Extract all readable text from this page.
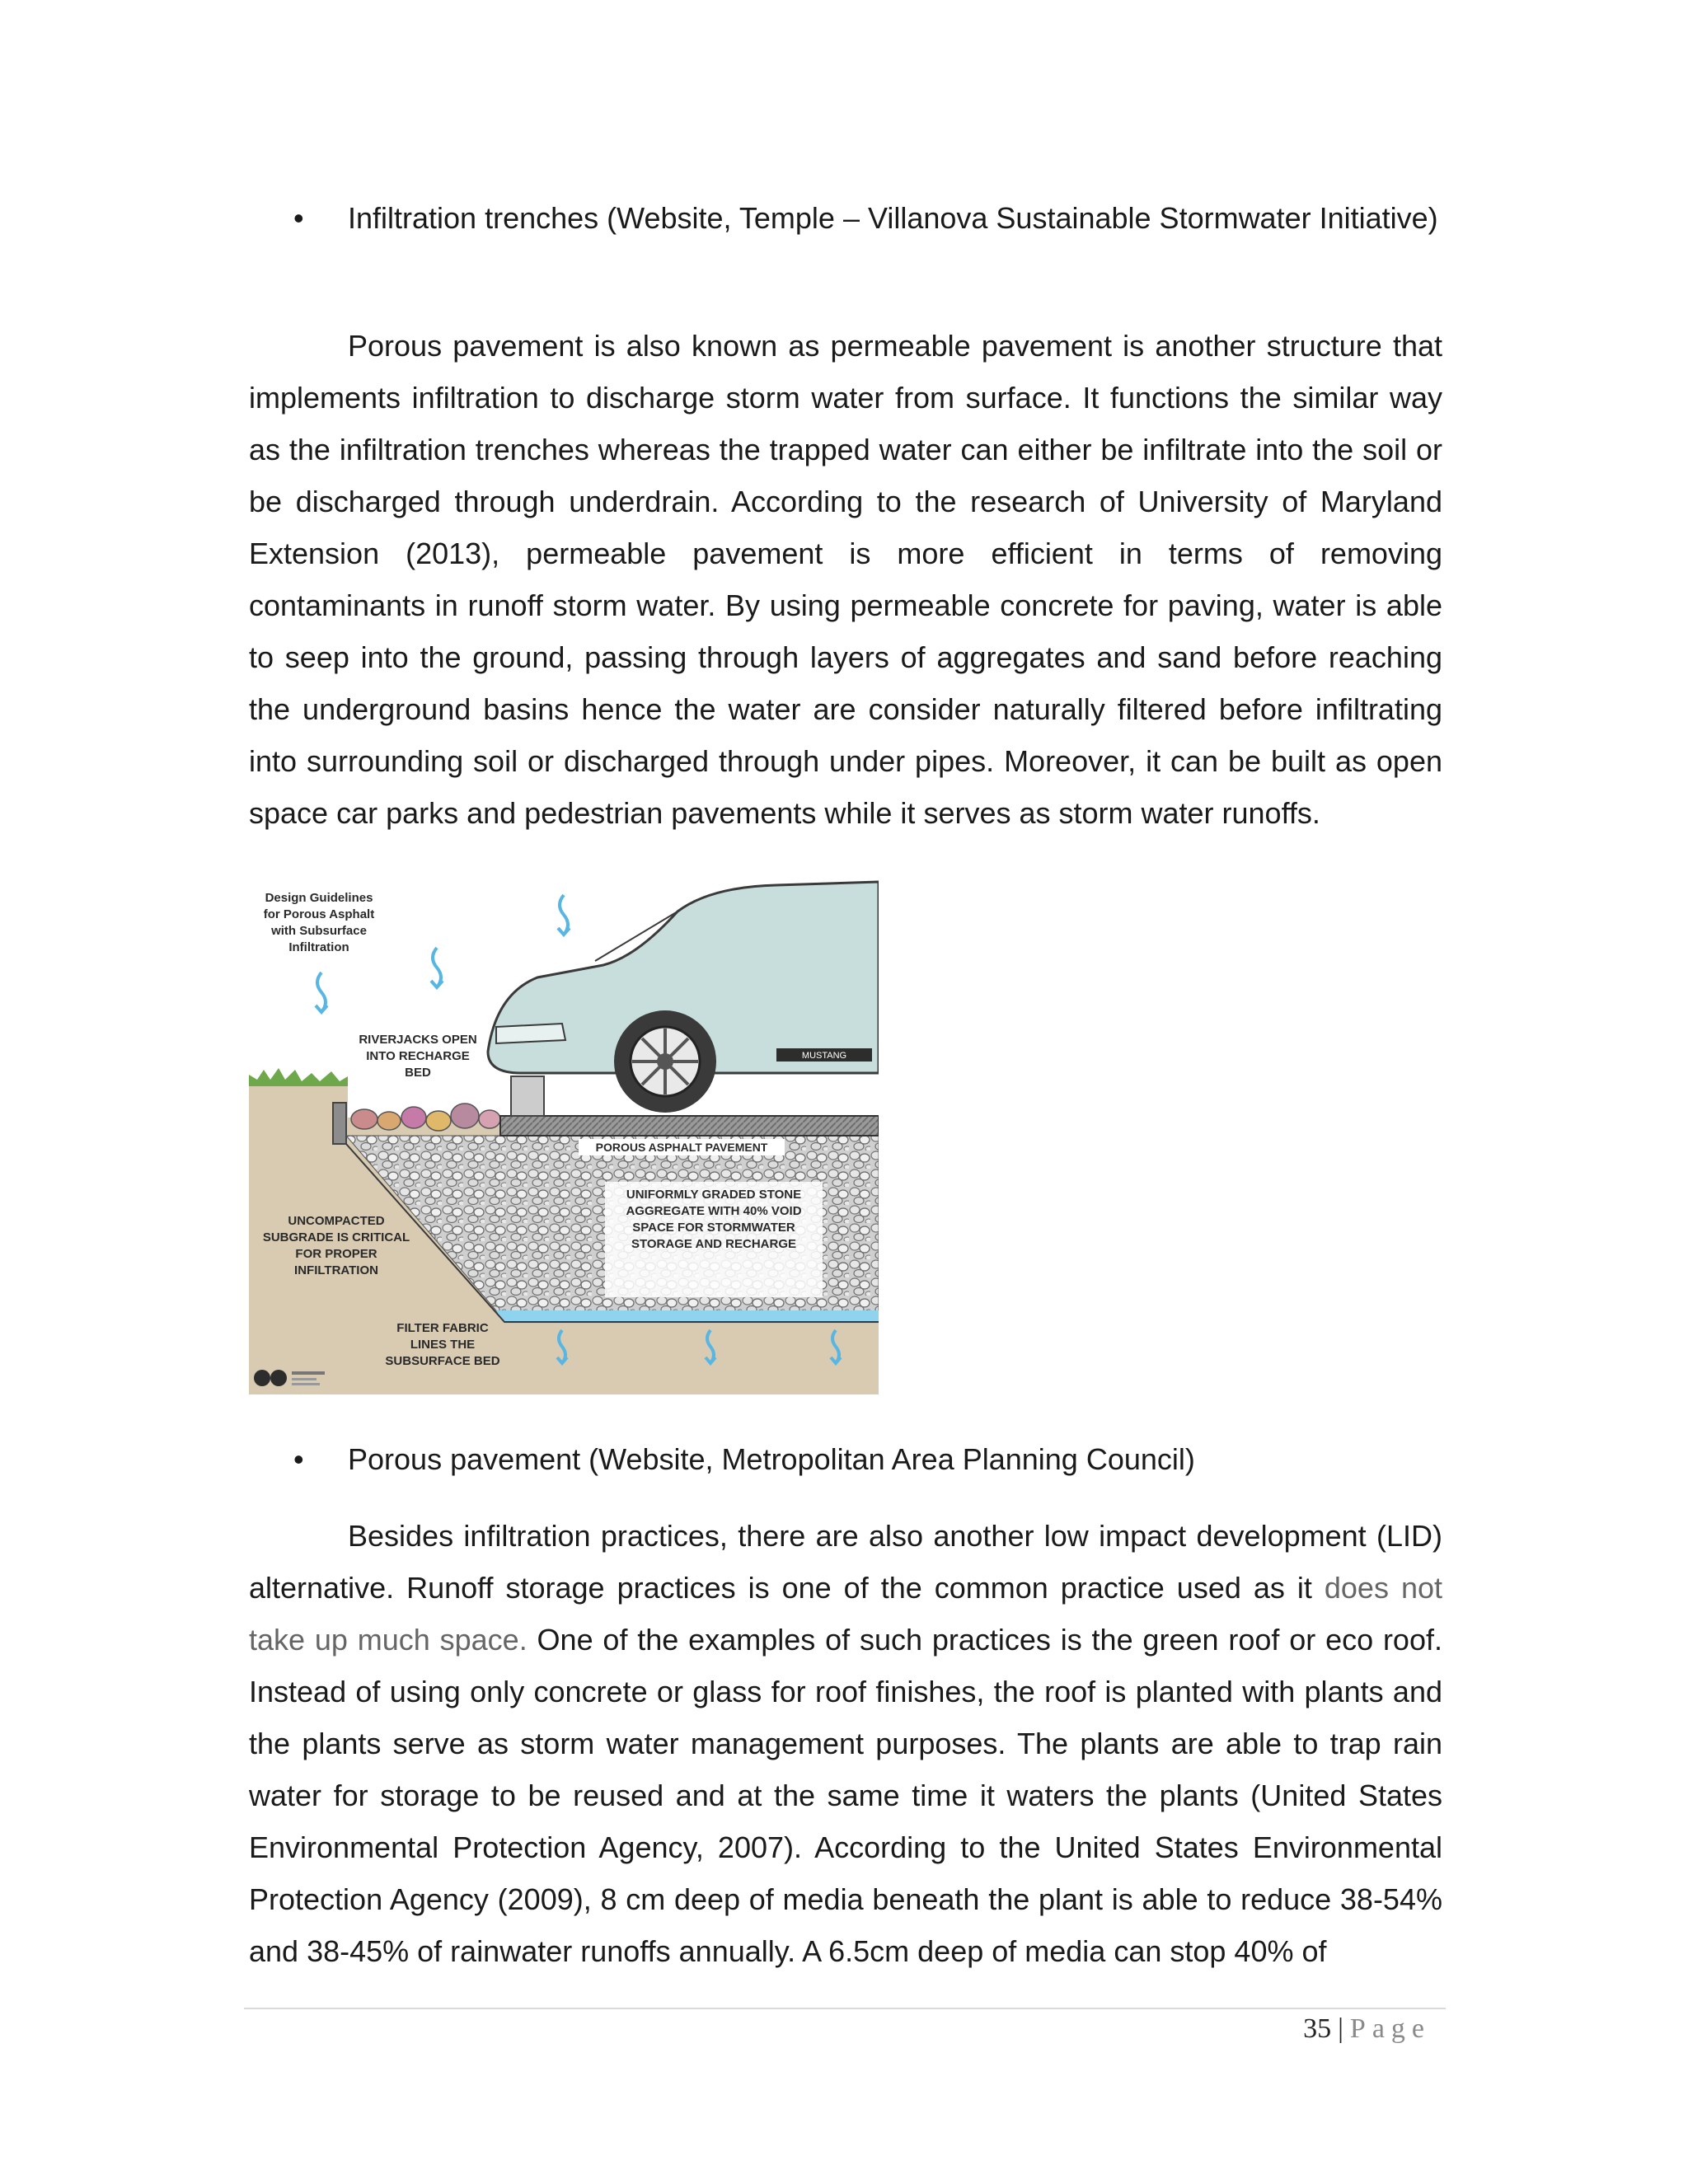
• Infiltration trenches (Website, Temple – Villanova Sustainable Stormwater Initiative)

Porous pavement is also known as permeable pavement is another structure that implements infiltration to discharge storm water from surface. It functions the similar way as the infiltration trenches whereas the trapped water can either be infiltrate into the soil or be discharged through underdrain. According to the research of University of Maryland Extension (2013), permeable pavement is more efficient in terms of removing contaminants in runoff storm water. By using permeable concrete for paving, water is able to seep into the ground, passing through layers of aggregates and sand before reaching the underground basins hence the water are consider naturally filtered before infiltrating into surrounding soil or discharged through under pipes. Moreover, it can be built as open space car parks and pedestrian pavements while it serves as storm water runoffs.

MUSTANG
Design Guidelines for Porous Asphalt with Subsurface Infiltration
RIVERJACKS OPEN INTO RECHARGE BED
POROUS ASPHALT PAVEMENT
UNIFORMLY GRADED STONE AGGREGATE WITH 40% VOID SPACE FOR STORMWATER STORAGE AND RECHARGE
UNCOMPACTED SUBGRADE IS CRITICAL FOR PROPER INFILTRATION
FILTER FABRIC LINES THE SUBSURFACE BED
• Porous pavement (Website, Metropolitan Area Planning Council)

Besides infiltration practices, there are also another low impact development (LID) alternative. Runoff storage practices is one of the common practice used as it does not take up much space. One of the examples of such practices is the green roof or eco roof. Instead of using only concrete or glass for roof finishes, the roof is planted with plants and the plants serve as storm water management purposes. The plants are able to trap rain water for storage to be reused and at the same time it waters the plants (United States Environmental Protection Agency, 2007). According to the United States Environmental Protection Agency (2009), 8 cm deep of media beneath the plant is able to reduce 38-54% and 38-45% of rainwater runoffs annually. A 6.5cm deep of media can stop 40% of

35 | Page
